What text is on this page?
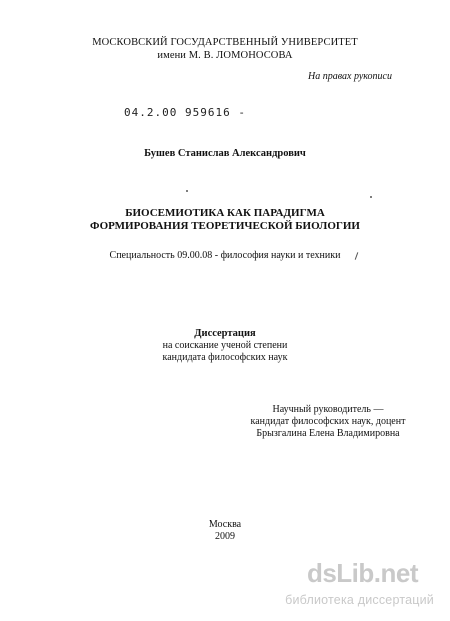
МОСКОВСКИЙ ГОСУДАРСТВЕННЫЙ УНИВЕРСИТЕТ имени М. В. ЛОМОНОСОВА
На правах рукописи
04.2.00 959616 -
Бушев Станислав Александрович
БИОСЕМИОТИКА КАК ПАРАДИГМА ФОРМИРОВАНИЯ ТЕОРЕТИЧЕСКОЙ БИОЛОГИИ
Специальность 09.00.08 - философия науки и техники
Диссертация
на соискание ученой степени
кандидата философских наук
Научный руководитель —
кандидат философских наук, доцент
Брызгалина Елена Владимировна
Москва
2009
dsLib.net
библиотека диссертаций
